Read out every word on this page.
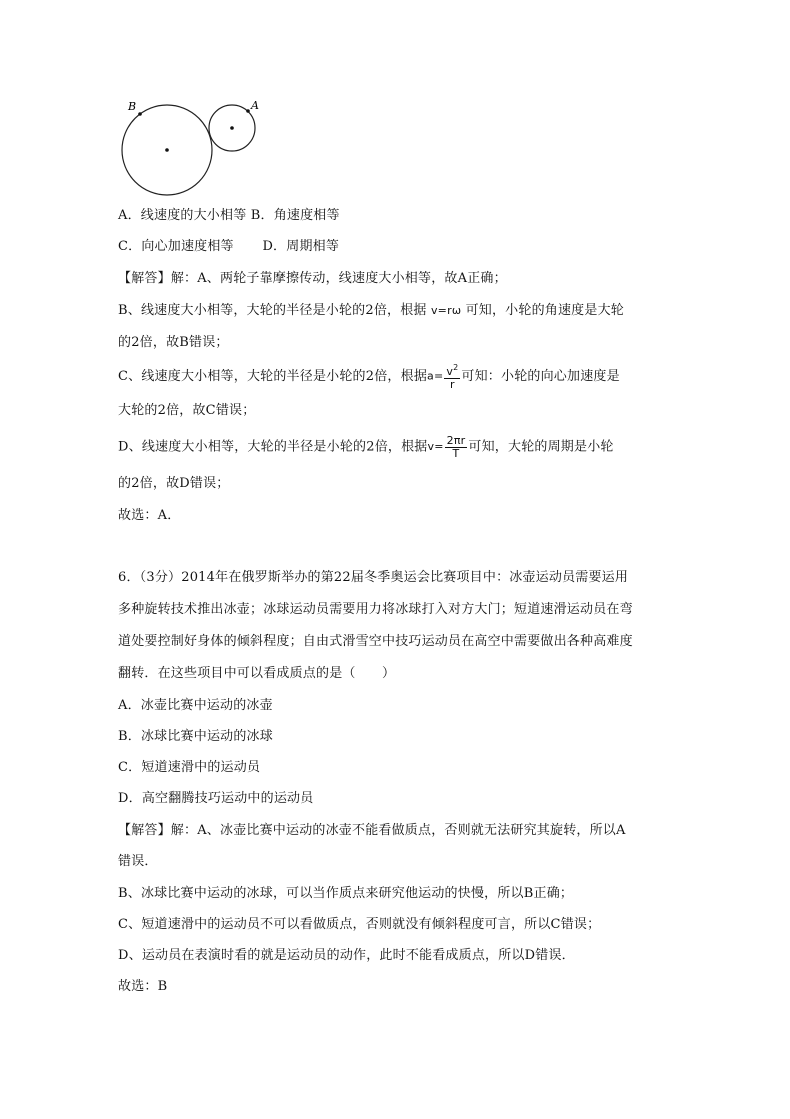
B	A
A．线速度的大小相等 B．角速度相等
C．向心加速度相等 D．周期相等
【解答】解：A、两轮子靠摩擦传动，线速度大小相等，故A正确；
B、线速度大小相等，大轮的半径是小轮的2倍，根据 v=rω 可知，小轮的角速度是大轮
的2倍，故B错误；
C、线速度大小相等，大轮的半径是小轮的2倍，根据$a= \frac{v^2}{r}$ 可知：小轮的向心加速度是
大轮的2倍，故C错误；
D、线速度大小相等，大轮的半径是小轮的2倍，根据$v= \frac{2\pi r}{T}$ 可知，大轮的周期是小轮
的2倍，故D错误；
故选：A．
6．（3分）2014年在俄罗斯举办的第22届冬季奥运会比赛项目中：冰壶运动员需要运用
多种旋转技术推出冰壶；冰球运动员需要用力将冰球打入对方大门；短道速滑运动员在弯
道处要控制好身体的倾斜程度；自由式滑雪空中技巧运动员在高空中需要做出各种高难度
翻转．在这些项目中可以看成质点的是（　　）
A．冰壶比赛中运动的冰壶
B．冰球比赛中运动的冰球
C．短道速滑中的运动员
D．高空翻腾技巧运动中的运动员
【解答】解：A、冰壶比赛中运动的冰壶不能看做质点，否则就无法研究其旋转，所以A
错误．
B、冰球比赛中运动的冰球，可以当作质点来研究他运动的快慢，所以B正确；
C、短道速滑中的运动员不可以看做质点，否则就没有倾斜程度可言，所以C错误；
D、运动员在表演时看的就是运动员的动作，此时不能看成质点，所以D错误．
故选：B
